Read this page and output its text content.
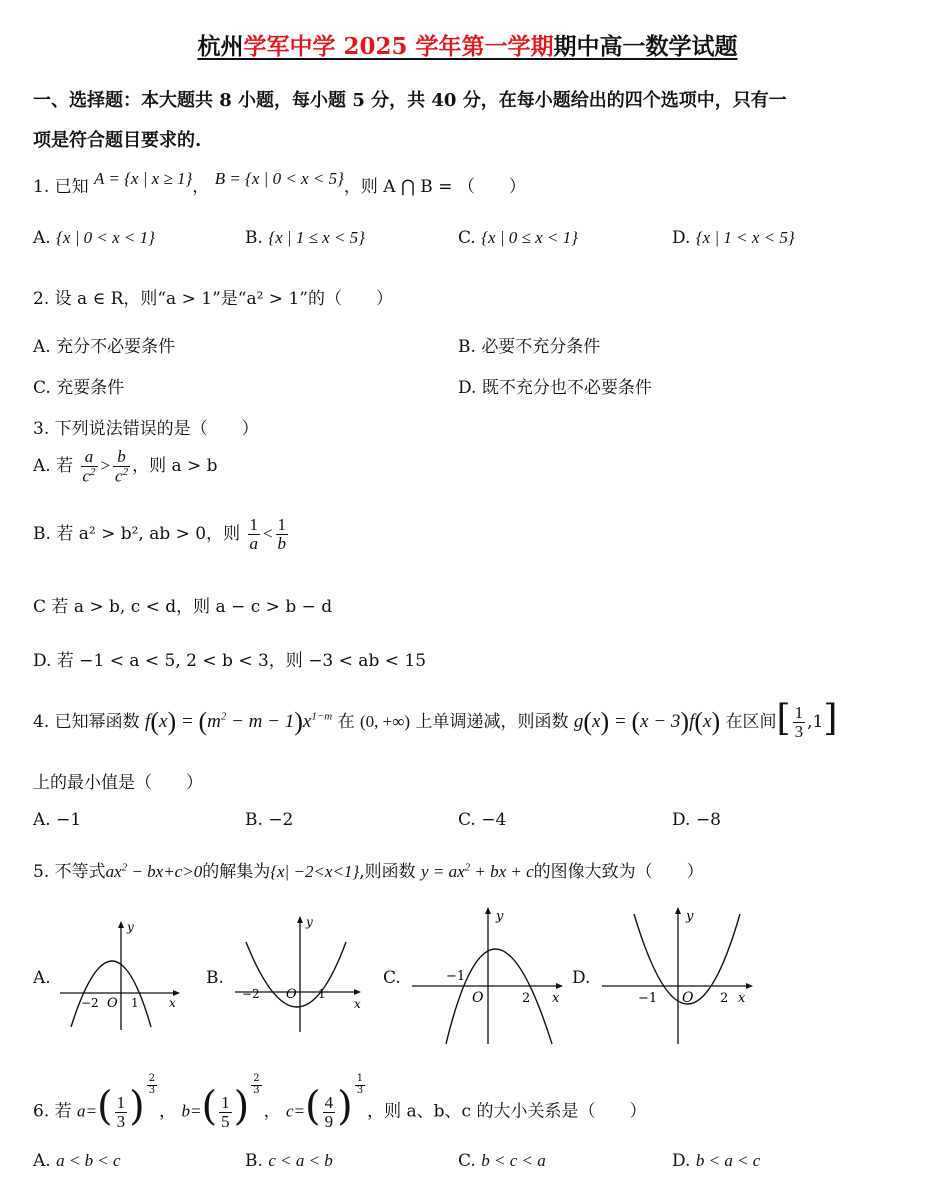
杭州学军中学 2025 学年第一学期期中高一数学试题
一、选择题：本大题共 8 小题，每小题 5 分，共 40 分，在每小题给出的四个选项中，只有一
项是符合题目要求的.
1. 已知 A = {x | x ≥ 1}， B = {x | 0 < x < 5}，则 A ⋂ B = （　　）
A. {x | 0 < x < 1}	B. {x | 1 ≤ x < 5}	C. {x | 0 ≤ x < 1}	D. {x | 1 < x < 5}
2. 设 a ∈ R，则“a > 1”是“a² > 1”的（　　）
A. 充分不必要条件	B. 必要不充分条件
C. 充要条件	D. 既不充分也不必要条件
3. 下列说法错误的是（　　）
A. 若 $\frac{a}{c^2} > \frac{b}{c^2}$ ，则 a > b
B. 若 a² > b², ab > 0，则 $\frac{1}{a} < \frac{1}{b}$
C 若 a > b, c < d，则 a − c > b − d
D. 若 −1 < a < 5, 2 < b < 3，则 −3 < ab < 15
4. 已知幂函数 $f(x) = (m^2 - m - 1)x^{1-m}$ 在 (0, +∞) 上单调递减，则函数 g(x) = (x − 3)f(x) 在区间[ $\frac{1}{3} ,1$]
上的最小值是（　　）
A. −1	B. −2	C. −4	D. −8
5. 不等式$ax^2 - bx+c>0$的解集为{x| −2<x<1},则函数 $y = ax^2$ + bx + c的图像大致为（　　）
A.	B.	C.	D.
y
−2 O 1	x
y
−2 O 1
x
y
−1
O	2 x
y
−1 O 2 x
6. 若 $a=( \frac{1}{3}$ ) $\frac{2}{3}$
， $b=( \frac{1}{5}$ ) $\frac{2}{3}$
， $c=( \frac{4}{9}$ ) $\frac{1}{3}$
，则 a、b、c 的大小关系是（　　）
A. a < b < c	B. c < a < b	C. b < c < a	D. b < a < c
